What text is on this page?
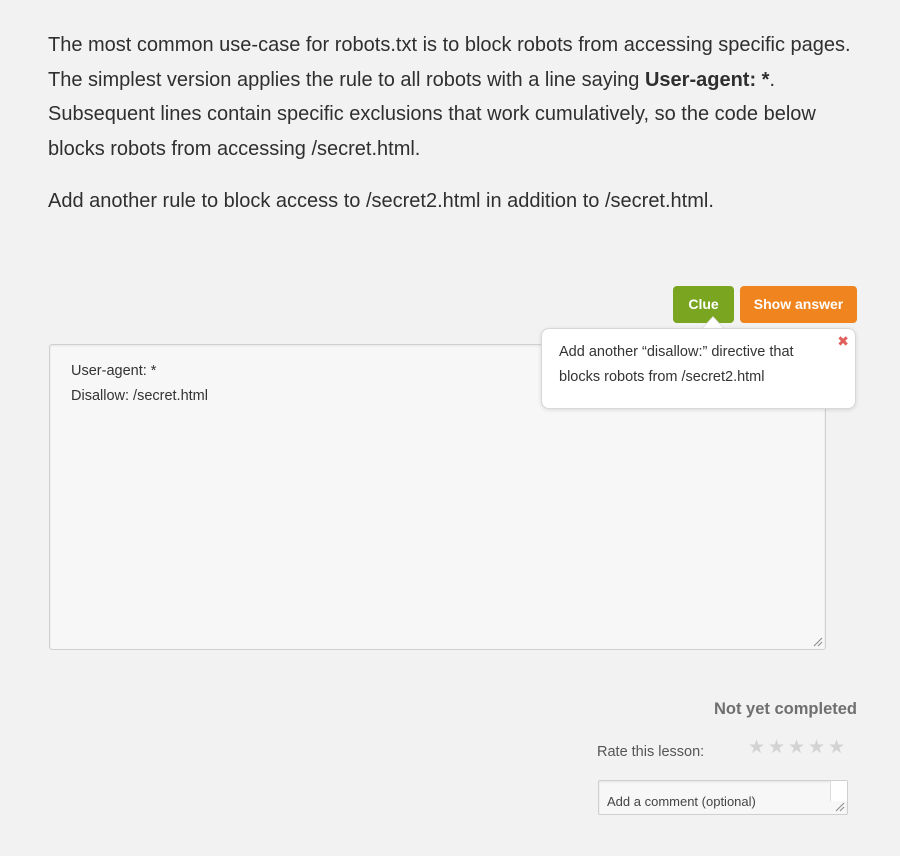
The most common use-case for robots.txt is to block robots from accessing specific pages. The simplest version applies the rule to all robots with a line saying User-agent: *. Subsequent lines contain specific exclusions that work cumulatively, so the code below blocks robots from accessing /secret.html.

Add another rule to block access to /secret2.html in addition to /secret.html.

Clue	Show answer
User-agent: *
Disallow: /secret.html
Add another “disallow:” directive that blocks robots from /secret2.html
✖
Not yet completed
Rate this lesson: ★ ★ ★ ★ ★
Add a comment (optional)
